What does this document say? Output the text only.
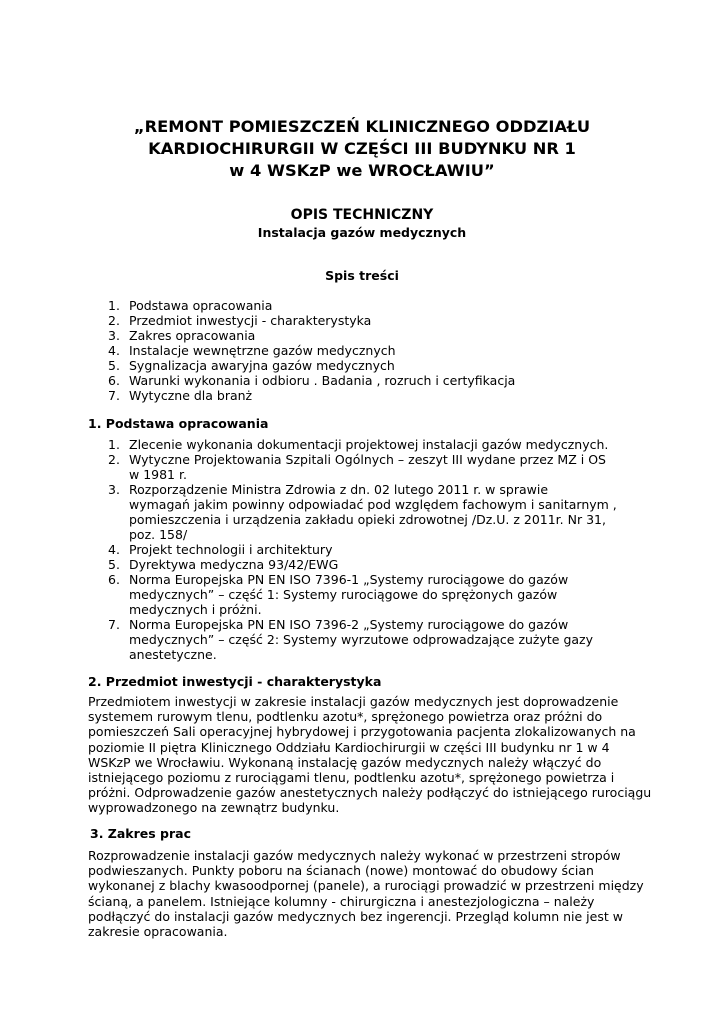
„REMONT POMIESZCZEŃ KLINICZNEGO ODDZIAŁU
KARDIOCHIRURGII W CZĘŚCI III BUDYNKU NR 1
w 4 WSKzP we WROCŁAWIU”
OPIS TECHNICZNY
Instalacja gazów medycznych
Spis treści
1. Podstawa opracowania
2. Przedmiot inwestycji - charakterystyka
3. Zakres opracowania
4. Instalacje wewnętrzne gazów medycznych
5. Sygnalizacja awaryjna gazów medycznych
6. Warunki wykonania i odbioru . Badania , rozruch i certyfikacja
7. Wytyczne dla branż
1. Podstawa opracowania
1. Zlecenie wykonania dokumentacji projektowej instalacji gazów medycznych.
2. Wytyczne Projektowania Szpitali Ogólnych – zeszyt III wydane przez MZ i OS
w 1981 r.
3. Rozporządzenie Ministra Zdrowia z dn. 02 lutego 2011 r. w sprawie
wymagań jakim powinny odpowiadać pod względem fachowym i sanitarnym ,
pomieszczenia i urządzenia zakładu opieki zdrowotnej /Dz.U. z 2011r. Nr 31,
poz. 158/
4. Projekt technologii i architektury
5. Dyrektywa medyczna 93/42/EWG
6. Norma Europejska PN EN ISO 7396-1 „Systemy rurociągowe do gazów
medycznych” – część 1: Systemy rurociągowe do sprężonych gazów
medycznych i próżni.
7. Norma Europejska PN EN ISO 7396-2 „Systemy rurociągowe do gazów
medycznych” – część 2: Systemy wyrzutowe odprowadzające zużyte gazy
anestetyczne.
2. Przedmiot inwestycji - charakterystyka
Przedmiotem inwestycji w zakresie instalacji gazów medycznych jest doprowadzenie
systemem rurowym tlenu, podtlenku azotu*, sprężonego powietrza oraz próżni do
pomieszczeń Sali operacyjnej hybrydowej i przygotowania pacjenta zlokalizowanych na
poziomie II piętra Klinicznego Oddziału Kardiochirurgii w części III budynku nr 1 w 4
WSKzP we Wrocławiu. Wykonaną instalację gazów medycznych należy włączyć do
istniejącego poziomu z rurociągami tlenu, podtlenku azotu*, sprężonego powietrza i
próżni. Odprowadzenie gazów anestetycznych należy podłączyć do istniejącego rurociągu
wyprowadzonego na zewnątrz budynku.
3. Zakres prac
Rozprowadzenie instalacji gazów medycznych należy wykonać w przestrzeni stropów
podwieszanych. Punkty poboru na ścianach (nowe) montować do obudowy ścian
wykonanej z blachy kwasoodpornej (panele), a rurociągi prowadzić w przestrzeni między
ścianą, a panelem. Istniejące kolumny - chirurgiczna i anestezjologiczna – należy
podłączyć do instalacji gazów medycznych bez ingerencji. Przegląd kolumn nie jest w
zakresie opracowania.
